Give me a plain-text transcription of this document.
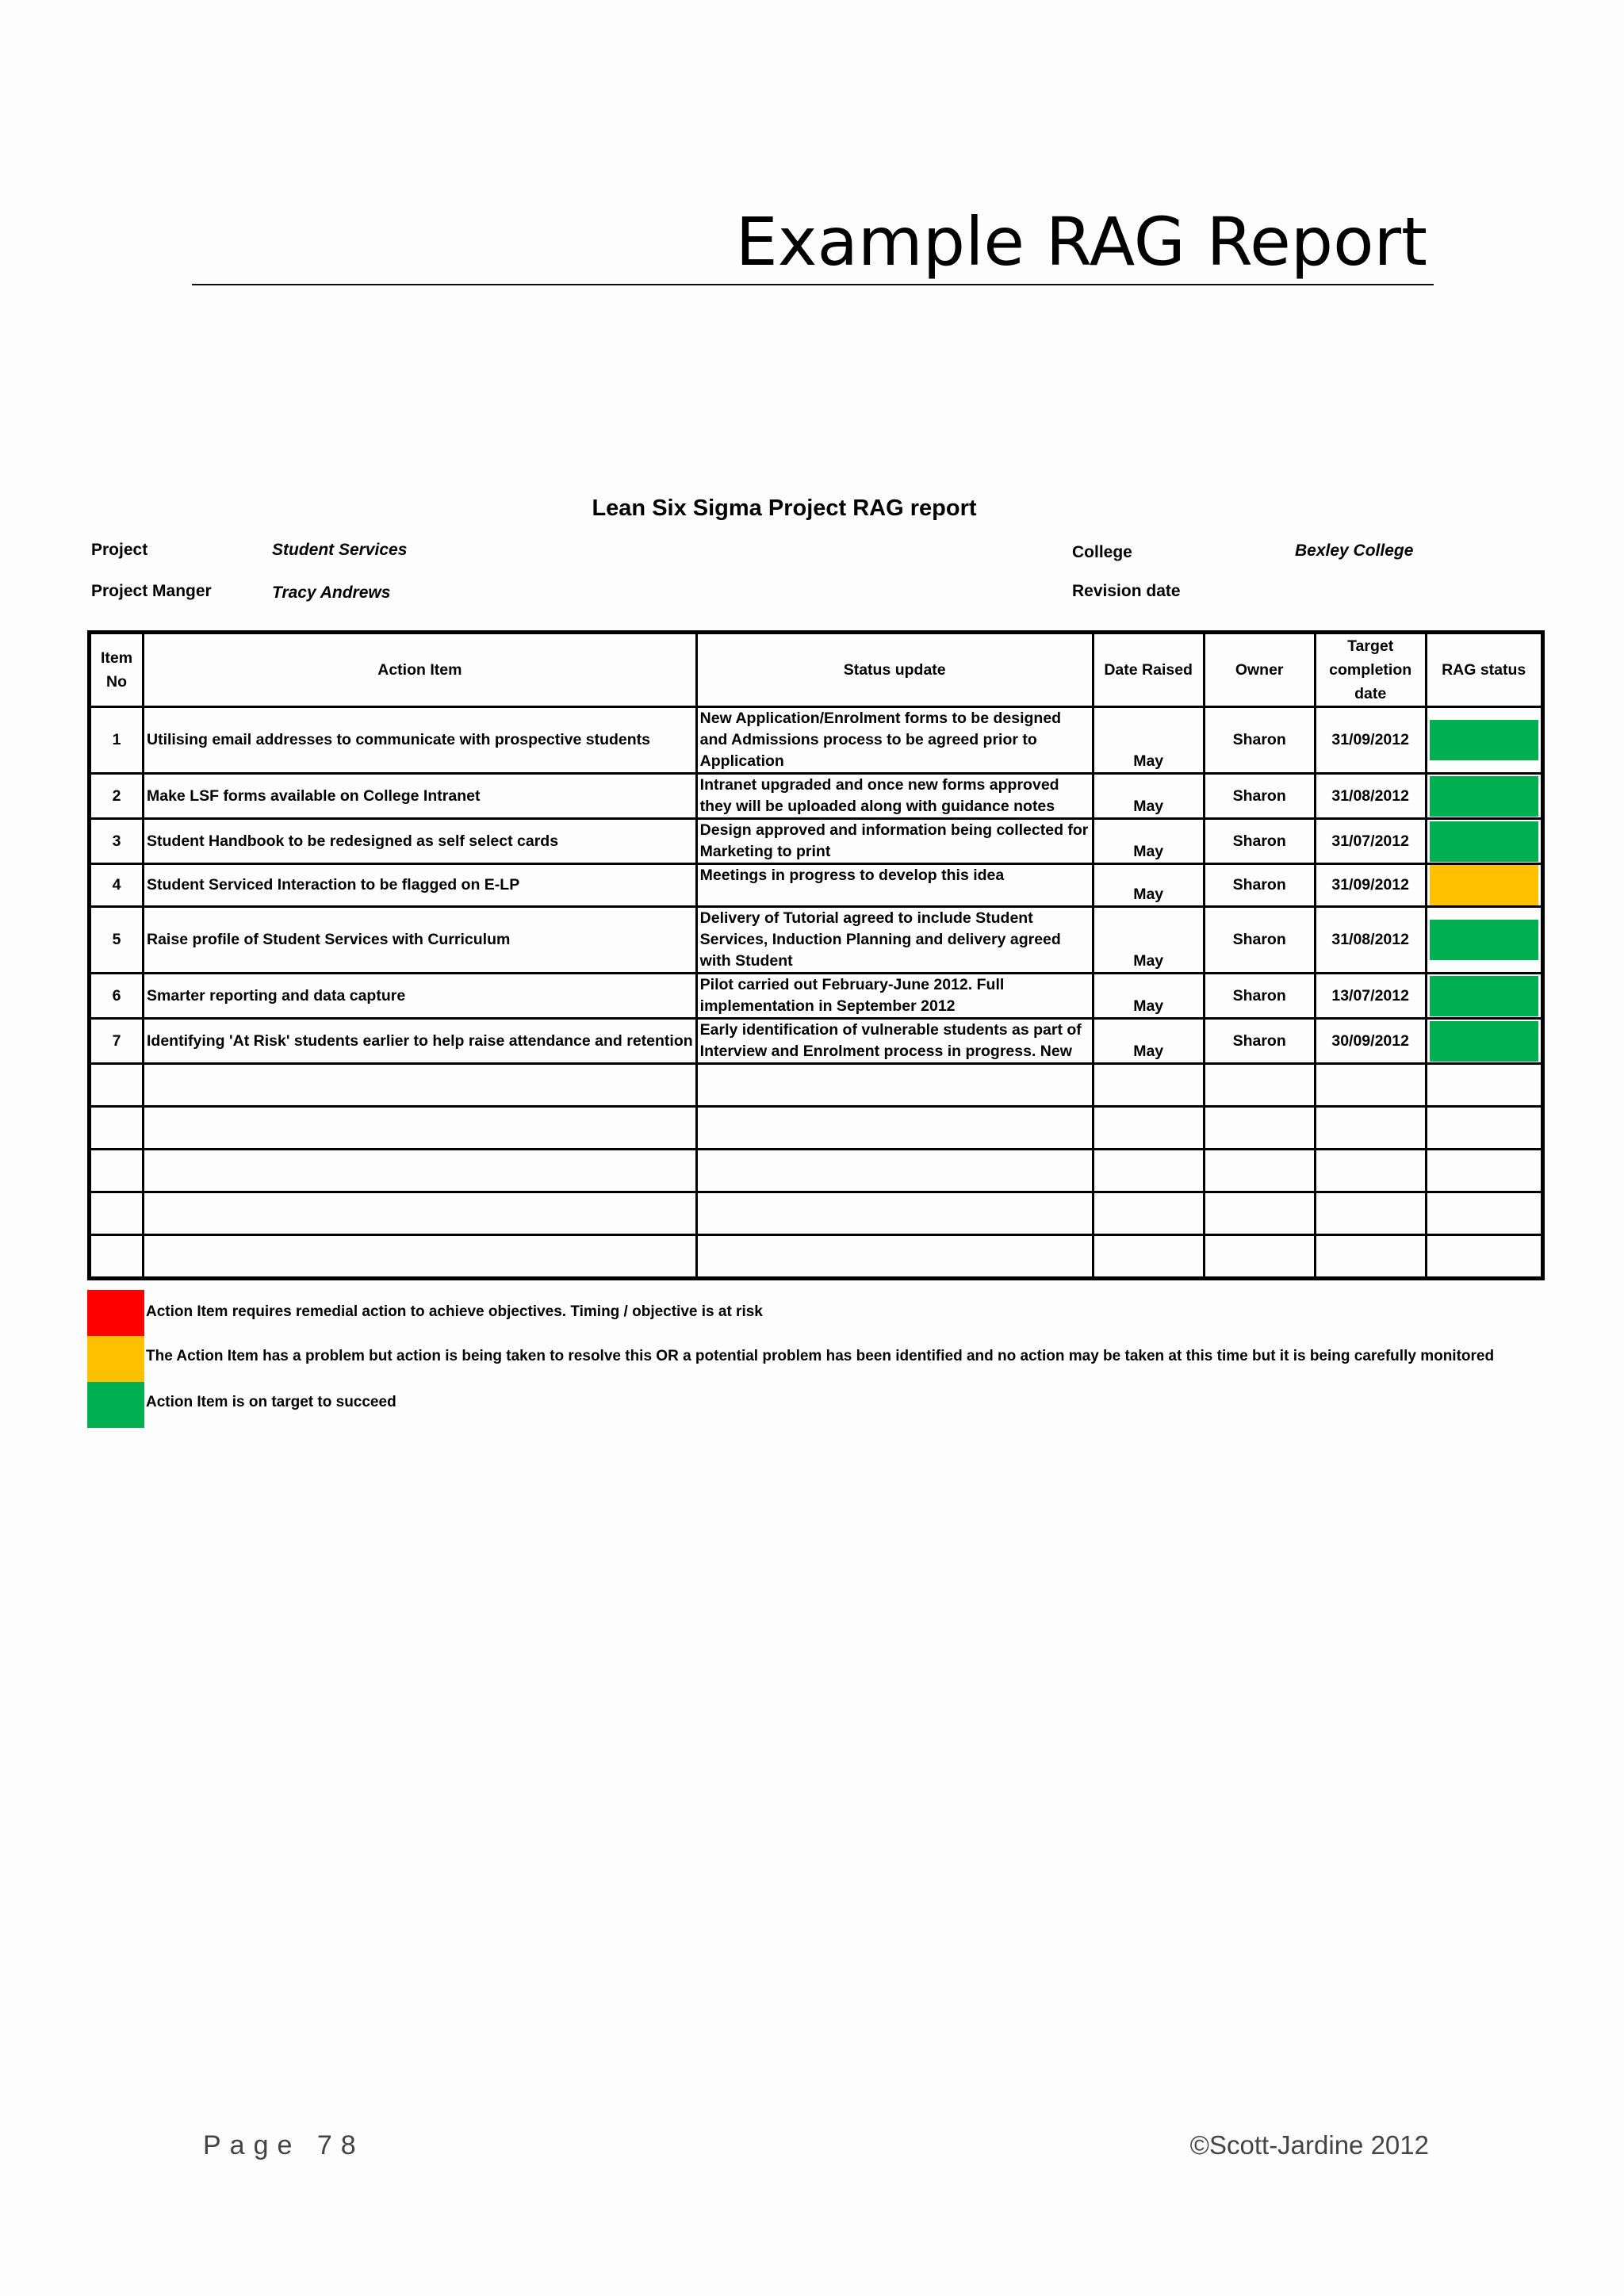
Example RAG Report
Lean Six Sigma Project RAG report
Project	Student Services
Project Manger	Tracy Andrews
College	Bexley College
Revision date
Item No	Action Item	Status update	Date Raised	Owner	Target completion date	RAG status
1	Utilising email addresses to communicate with prospective students	New Application/Enrolment forms to be designed and Admissions process to be agreed prior to Application	May	Sharon	31/09/2012	

2	Make LSF forms available on College Intranet	Intranet upgraded and once new forms approved they will be uploaded along with guidance notes	May	Sharon	31/08/2012	

3	Student Handbook to be redesigned as self select cards	Design approved and information being collected for Marketing to print	May	Sharon	31/07/2012	

4	Student Serviced Interaction to be flagged on E-LP	Meetings in progress to develop this idea	May	Sharon	31/09/2012	

5	Raise profile of Student Services with Curriculum	Delivery of Tutorial agreed to include Student Services, Induction Planning and delivery agreed with Student	May	Sharon	31/08/2012	

6	Smarter reporting and data capture	Pilot carried out February-June 2012. Full implementation in September 2012	May	Sharon	13/07/2012	

7	Identifying 'At Risk' students earlier to help raise attendance and retention	Early identification of vulnerable students as part of Interview and Enrolment process in progress. New	May	Sharon	30/09/2012	

Action Item requires remedial action to achieve objectives. Timing / objective is at risk
The Action Item has a problem but action is being taken to resolve this OR a potential problem has been identified and no action may be taken at this time but it is being carefully monitored
Action Item is on target to succeed
Page 78	©Scott-Jardine 2012
